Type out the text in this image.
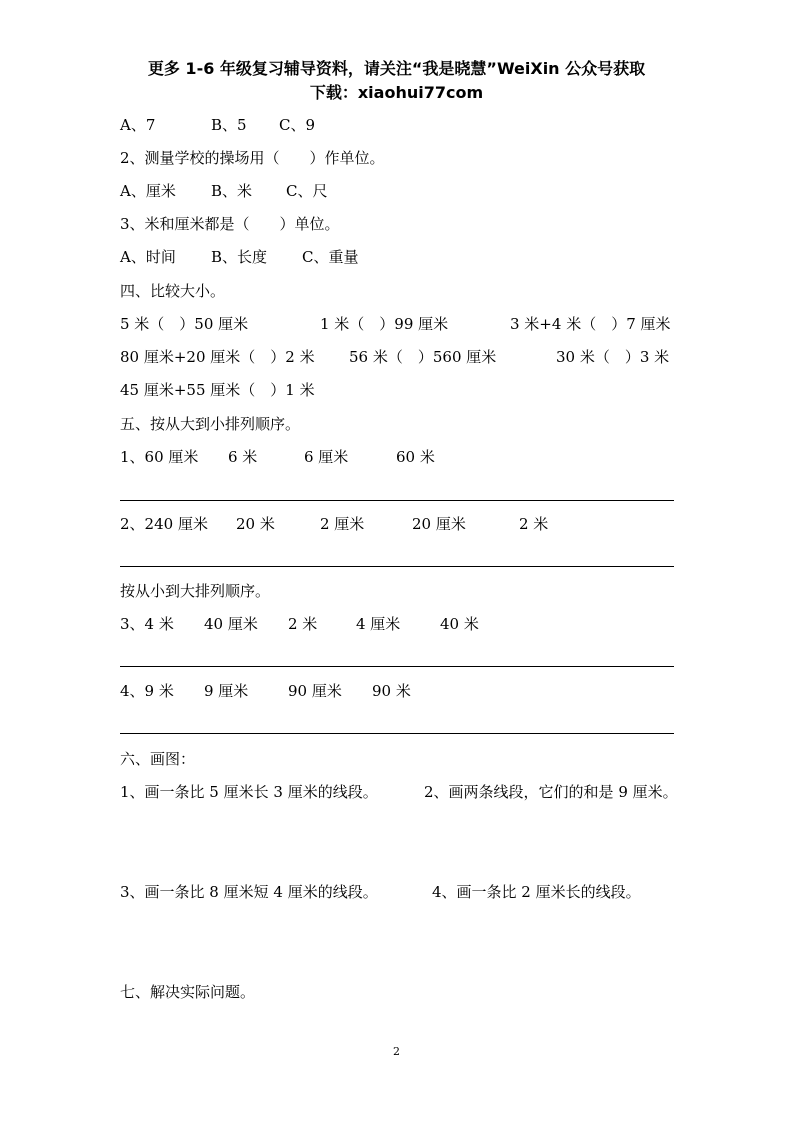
更多 1-6 年级复习辅导资料，请关注“我是晓慧”WeiXin 公众号获取
下载：xiaohui77com
A、7	B、5 C、9
2、测量学校的操场用（　　）作单位。
A、厘米 B、米 C、尺
3、米和厘米都是（　　）单位。
A、时间 B、长度 C、重量
四、比较大小。
5 米（　）50 厘米	1 米（　）99 厘米	3 米+4 米（　）7 厘米
80 厘米+20 厘米（　）2 米 56 米（　）560 厘米	30 米（　）3 米
45 厘米+55 厘米（　）1 米
五、按从大到小排列顺序。
1、60 厘米 6 米	6 厘米	60 米
2、240 厘米 20 米	2 厘米	20 厘米	2 米
按从小到大排列顺序。
3、4 米 40 厘米 2 米	4 厘米	40 米
4、9 米 9 厘米	90 厘米 90 米
六、画图：
1、画一条比 5 厘米长 3 厘米的线段。	2、画两条线段，它们的和是 9 厘米。
3、画一条比 8 厘米短 4 厘米的线段。	4、画一条比 2 厘米长的线段。
七、解决实际问题。
2
